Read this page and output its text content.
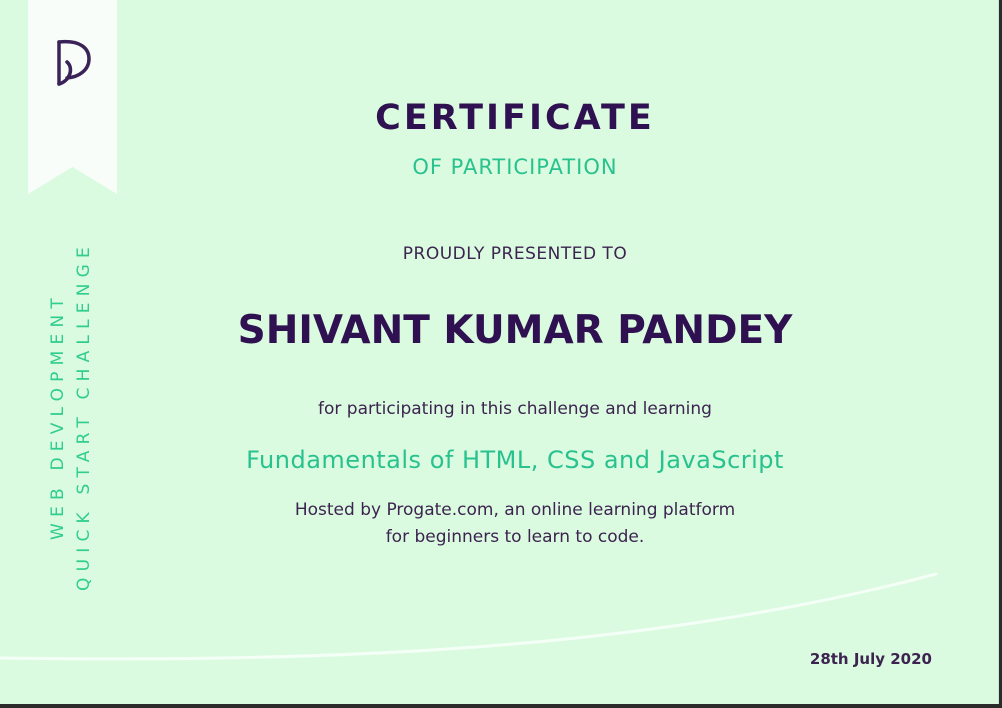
WEB DEVLOPMENT QUICK START CHALLENGE
CERTIFICATE
OF PARTICIPATION
PROUDLY PRESENTED TO
SHIVANT KUMAR PANDEY
for participating in this challenge and learning
Fundamentals of HTML, CSS and JavaScript
Hosted by Progate.com, an online learning platform
for beginners to learn to code.
28th July 2020
